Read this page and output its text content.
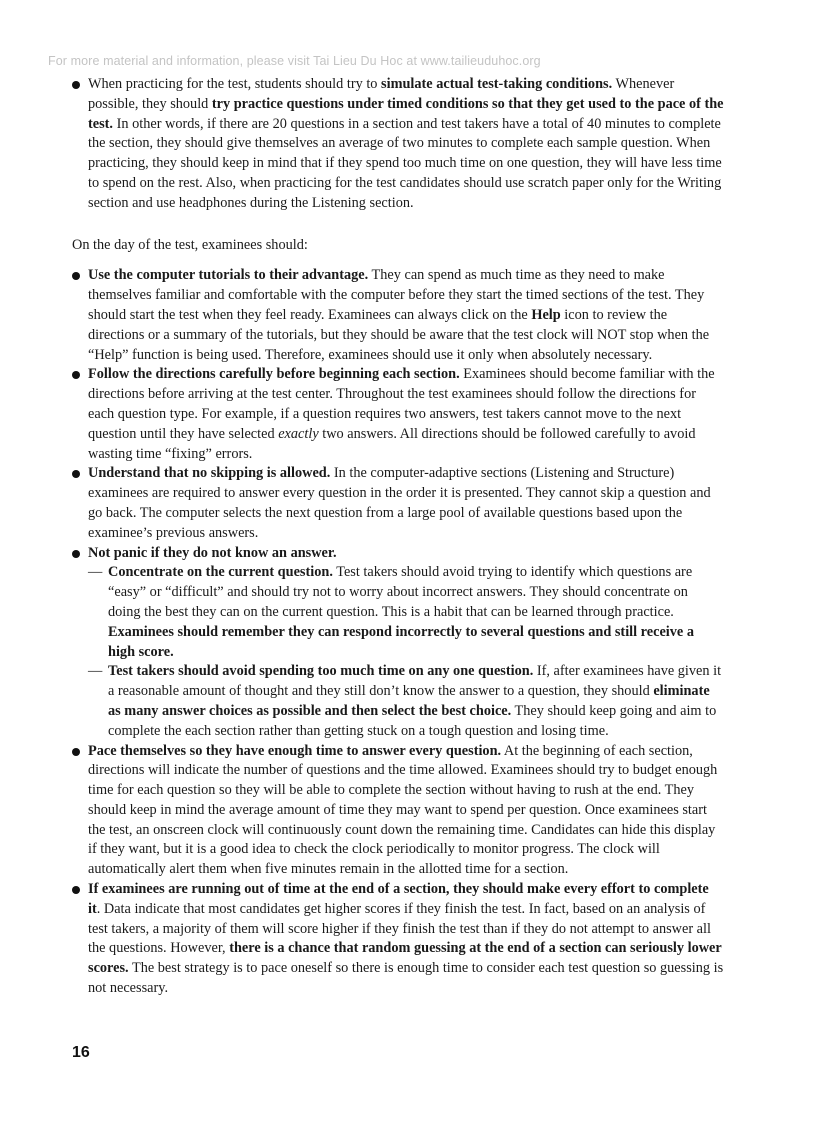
For more material and information, please visit Tai Lieu Du Hoc at www.tailieuduhoc.org
When practicing for the test, students should try to simulate actual test-taking conditions. Whenever possible, they should try practice questions under timed conditions so that they get used to the pace of the test. In other words, if there are 20 questions in a section and test takers have a total of 40 minutes to complete the section, they should give themselves an average of two minutes to complete each sample question. When practicing, they should keep in mind that if they spend too much time on one question, they will have less time to spend on the rest. Also, when practicing for the test candidates should use scratch paper only for the Writing section and use headphones during the Listening section.

On the day of the test, examinees should:

Use the computer tutorials to their advantage. They can spend as much time as they need to make themselves familiar and comfortable with the computer before they start the timed sections of the test. They should start the test when they feel ready. Examinees can always click on the Help icon to review the directions or a summary of the tutorials, but they should be aware that the test clock will NOT stop when the “Help” function is being used. Therefore, examinees should use it only when absolutely necessary.
Follow the directions carefully before beginning each section. Examinees should become familiar with the directions before arriving at the test center. Throughout the test examinees should follow the directions for each question type. For example, if a question requires two answers, test takers cannot move to the next question until they have selected exactly two answers. All directions should be followed carefully to avoid wasting time “fixing” errors.
Understand that no skipping is allowed. In the computer-adaptive sections (Listening and Structure) examinees are required to answer every question in the order it is presented. They cannot skip a question and go back. The computer selects the next question from a large pool of available questions based upon the examinee’s previous answers.
Not panic if they do not know an answer.
— Concentrate on the current question. Test takers should avoid trying to identify which questions are “easy” or “difficult” and should try not to worry about incorrect answers. They should concentrate on doing the best they can on the current question. This is a habit that can be learned through practice. Examinees should remember they can respond incorrectly to several questions and still receive a high score.
— Test takers should avoid spending too much time on any one question. If, after examinees have given it a reasonable amount of thought and they still don’t know the answer to a question, they should eliminate as many answer choices as possible and then select the best choice. They should keep going and aim to complete the each section rather than getting stuck on a tough question and losing time.
Pace themselves so they have enough time to answer every question. At the beginning of each section, directions will indicate the number of questions and the time allowed. Examinees should try to budget enough time for each question so they will be able to complete the section without having to rush at the end. They should keep in mind the average amount of time they may want to spend per question. Once examinees start the test, an onscreen clock will continuously count down the remaining time. Candidates can hide this display if they want, but it is a good idea to check the clock periodically to monitor progress. The clock will automatically alert them when five minutes remain in the allotted time for a section.
If examinees are running out of time at the end of a section, they should make every effort to complete it. Data indicate that most candidates get higher scores if they finish the test. In fact, based on an analysis of test takers, a majority of them will score higher if they finish the test than if they do not attempt to answer all the questions. However, there is a chance that random guessing at the end of a section can seriously lower scores. The best strategy is to pace oneself so there is enough time to consider each test question so guessing is not necessary.
16
